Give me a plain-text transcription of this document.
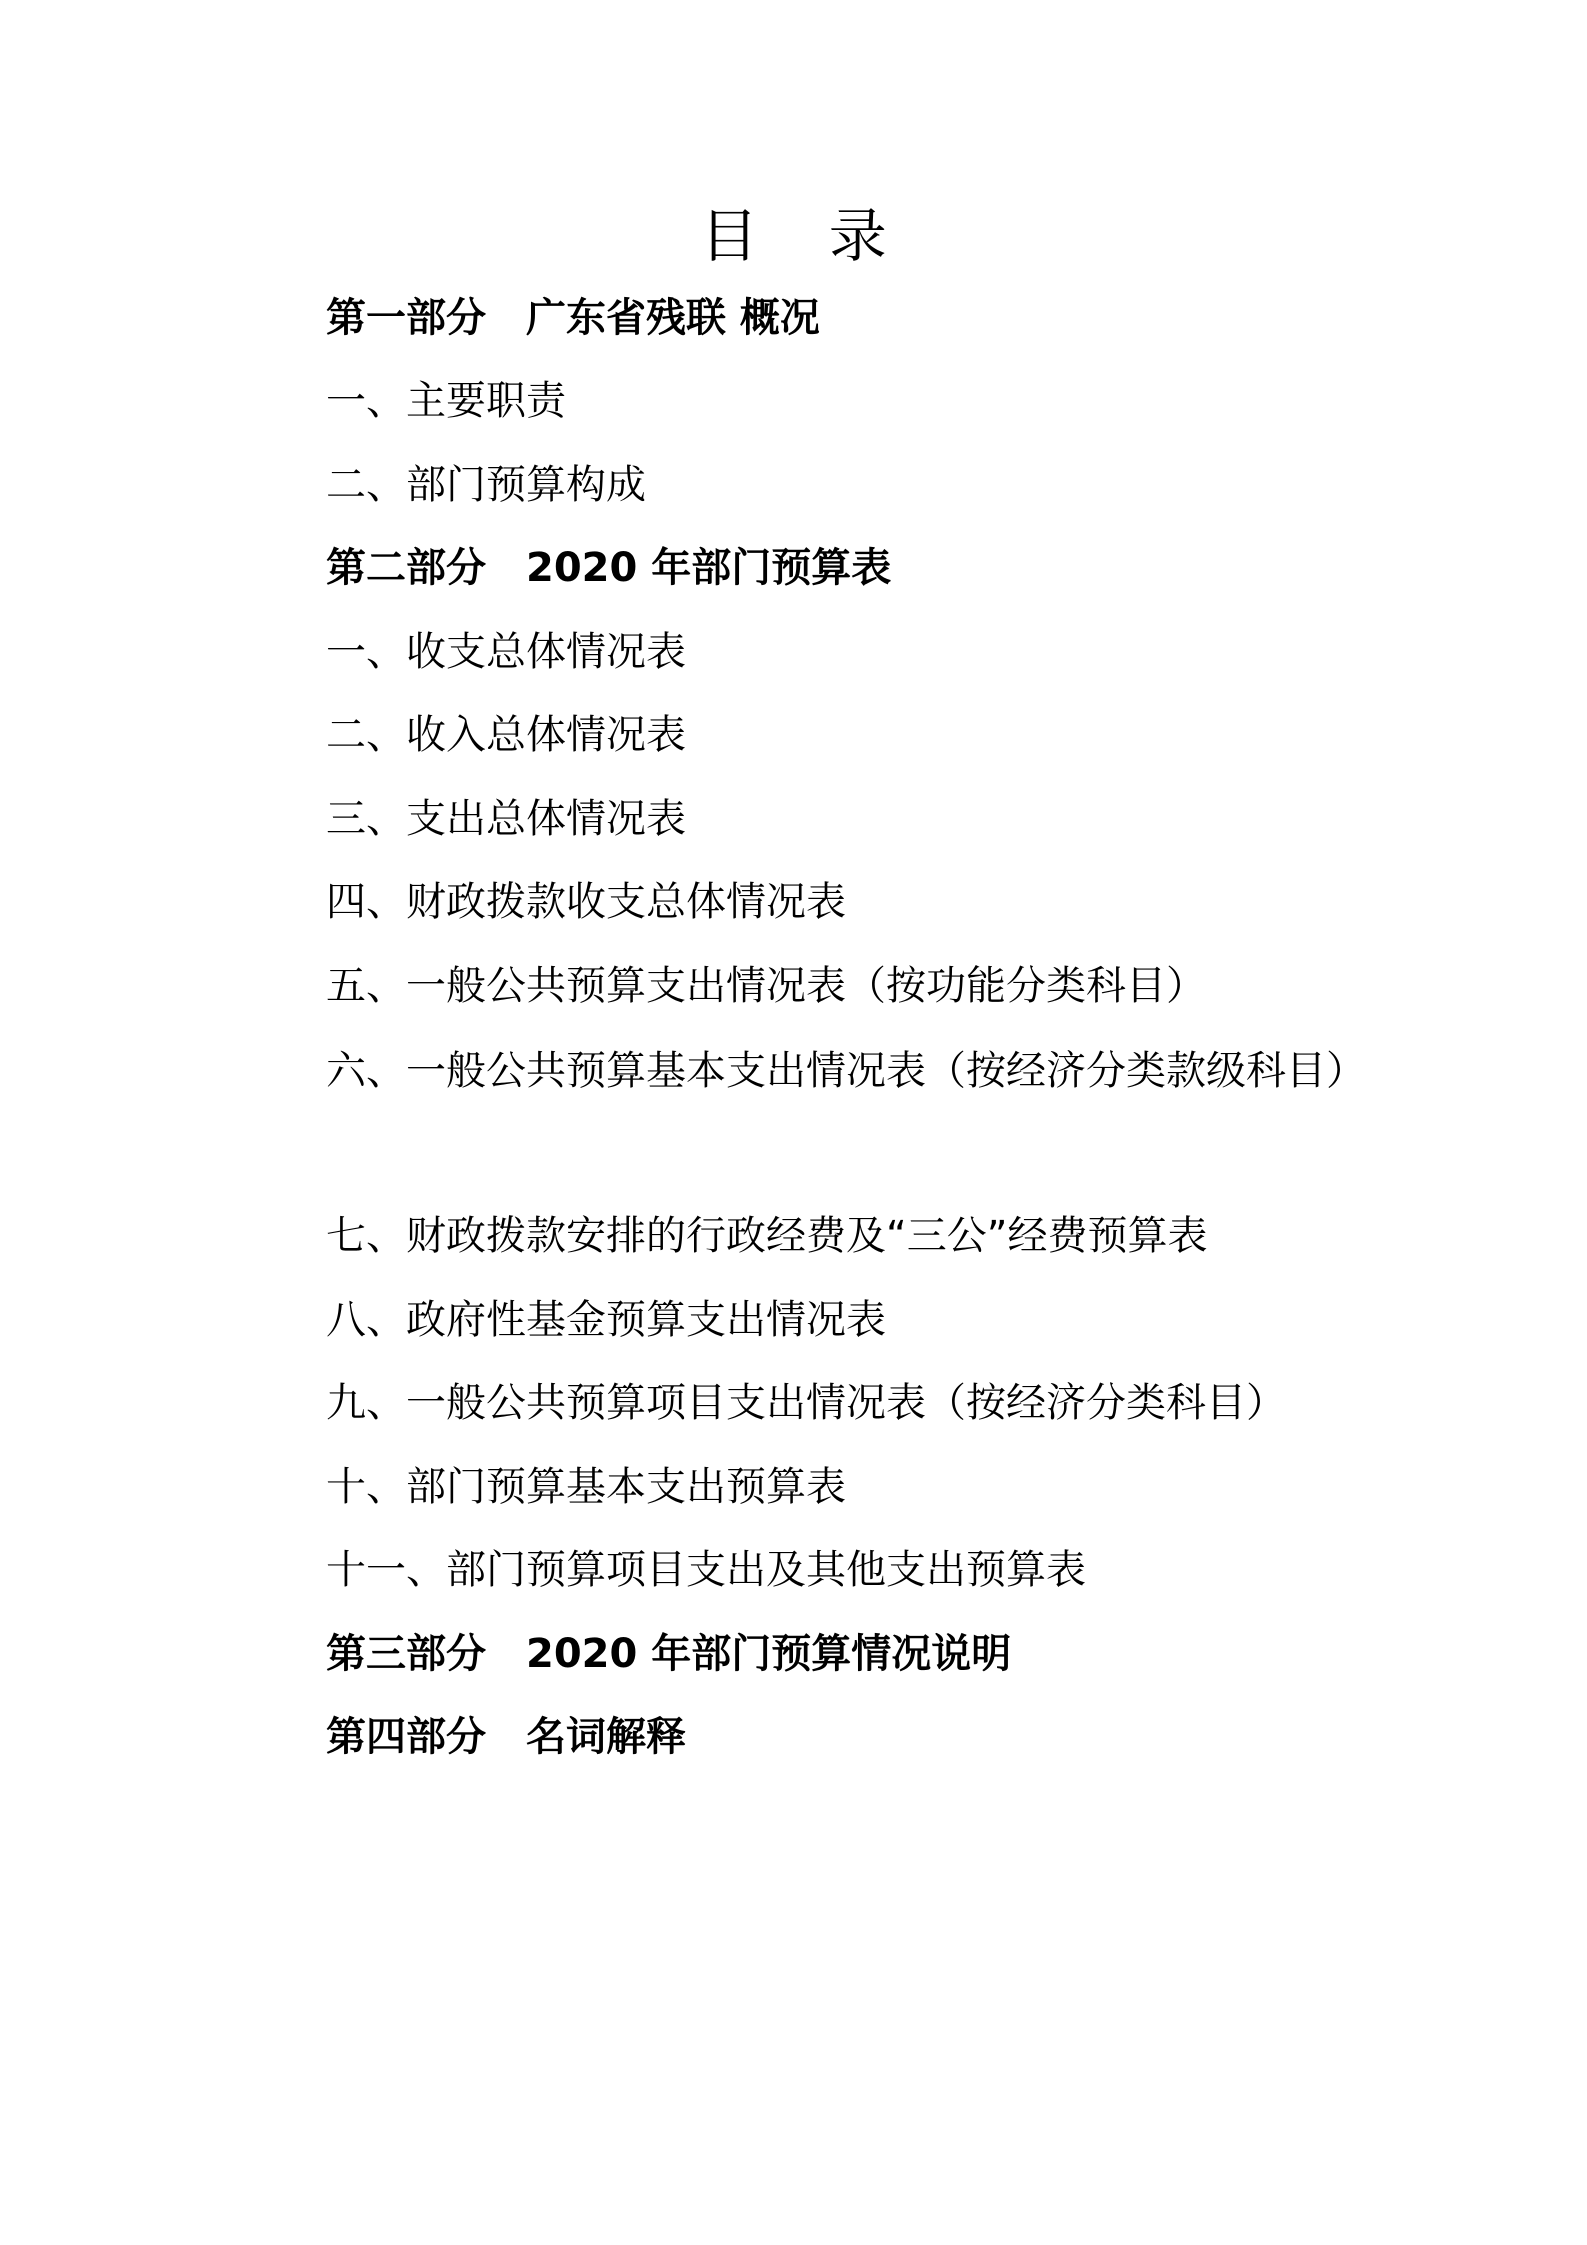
目 录
第一部分　广东省残联 概况
一、主要职责
二、部门预算构成
第二部分　2020 年部门预算表
一、收支总体情况表
二、收入总体情况表
三、支出总体情况表
四、财政拨款收支总体情况表
五、一般公共预算支出情况表（按功能分类科目）
六、一般公共预算基本支出情况表（按经济分类款级科目）
七、财政拨款安排的行政经费及“三公”经费预算表
八、政府性基金预算支出情况表
九、一般公共预算项目支出情况表（按经济分类科目）
十、部门预算基本支出预算表
十一、部门预算项目支出及其他支出预算表
第三部分　2020 年部门预算情况说明
第四部分　名词解释
